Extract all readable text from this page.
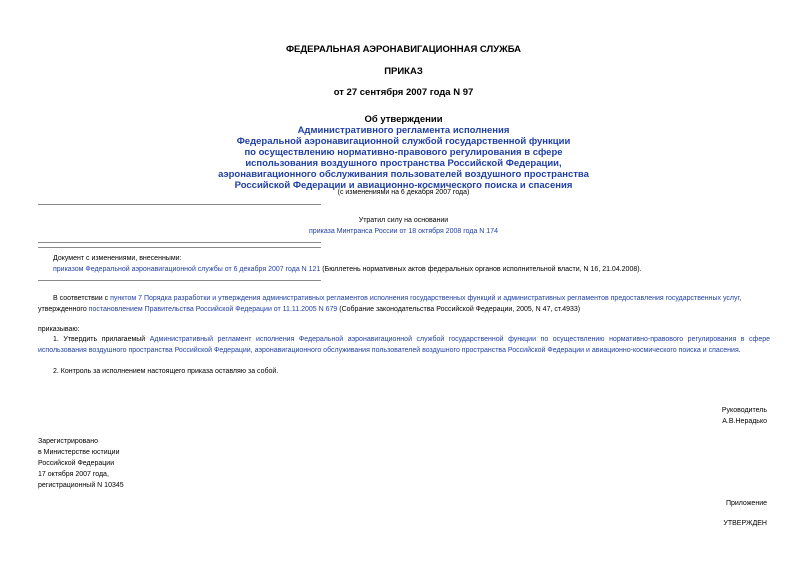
ФЕДЕРАЛЬНАЯ АЭРОНАВИГАЦИОННАЯ СЛУЖБА
ПРИКАЗ
от 27 сентября 2007 года N 97
Об утверждении
Административного регламента исполнения
Федеральной аэронавигационной службой государственной функции
по осуществлению нормативно-правового регулирования в сфере
использования воздушного пространства Российской Федерации,
аэронавигационного обслуживания пользователей воздушного пространства
Российской Федерации и авиационно-космического поиска и спасения
(с изменениями на 6 декабря 2007 года)
Утратил силу на основании
приказа Минтранса России от 18 октября 2008 года N 174
Документ с изменениями, внесенными:
приказом Федеральной аэронавигационной службы от 6 декабря 2007 года N 121 (Бюллетень нормативных актов федеральных органов исполнительной власти, N 16, 21.04.2008).
В соответствии с пунктом 7 Порядка разработки и утверждения административных регламентов исполнения государственных функций и административных регламентов предоставления государственных услуг, утвержденного постановлением Правительства Российской Федерации от 11.11.2005 N 679 (Собрание законодательства Российской Федерации, 2005, N 47, ст.4933)
приказываю:
1. Утвердить прилагаемый Административный регламент исполнения Федеральной аэронавигационной службой государственной функции по осуществлению нормативно-правового регулирования в сфере использования воздушного пространства Российской Федерации, аэронавигационного обслуживания пользователей воздушного пространства Российской Федерации и авиационно-космического поиска и спасения.
2. Контроль за исполнением настоящего приказа оставляю за собой.
Руководитель
А.В.Нерадько
Зарегистрировано
в Министерстве юстиции
Российской Федерации
17 октября 2007 года,
регистрационный N 10345
Приложение
УТВЕРЖДЕН
